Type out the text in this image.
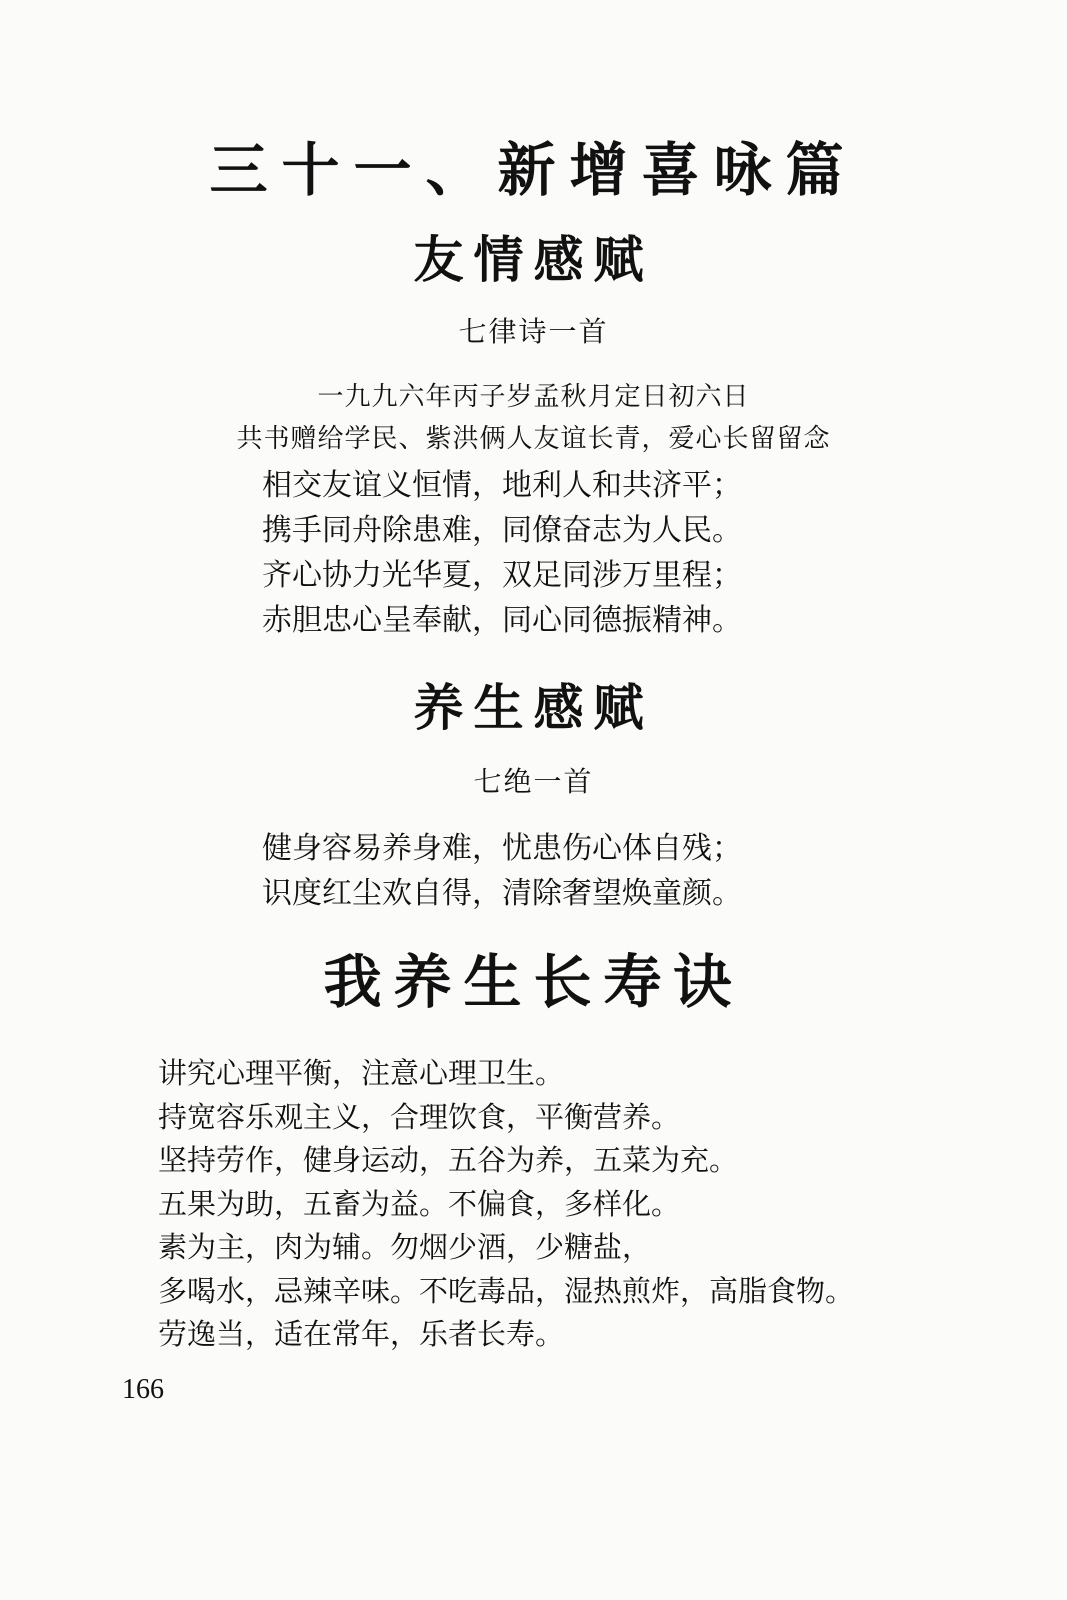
三十一、新增喜咏篇
友情感赋
七律诗一首
一九九六年丙子岁孟秋月定日初六日
共书赠给学民、紫洪俩人友谊长青，爱心长留留念
相交友谊义恒情，地利人和共济平；
携手同舟除患难，同僚奋志为人民。
齐心协力光华夏，双足同涉万里程；
赤胆忠心呈奉献，同心同德振精神。
养生感赋
七绝一首
健身容易养身难，忧患伤心体自残；
识度红尘欢自得，清除奢望焕童颜。
我养生长寿诀
讲究心理平衡，注意心理卫生。
持宽容乐观主义，合理饮食，平衡营养。
坚持劳作，健身运动，五谷为养，五菜为充。
五果为助，五畜为益。不偏食，多样化。
素为主，肉为辅。勿烟少酒，少糖盐，
多喝水，忌辣辛味。不吃毒品，湿热煎炸，高脂食物。
劳逸当，适在常年，乐者长寿。
166
